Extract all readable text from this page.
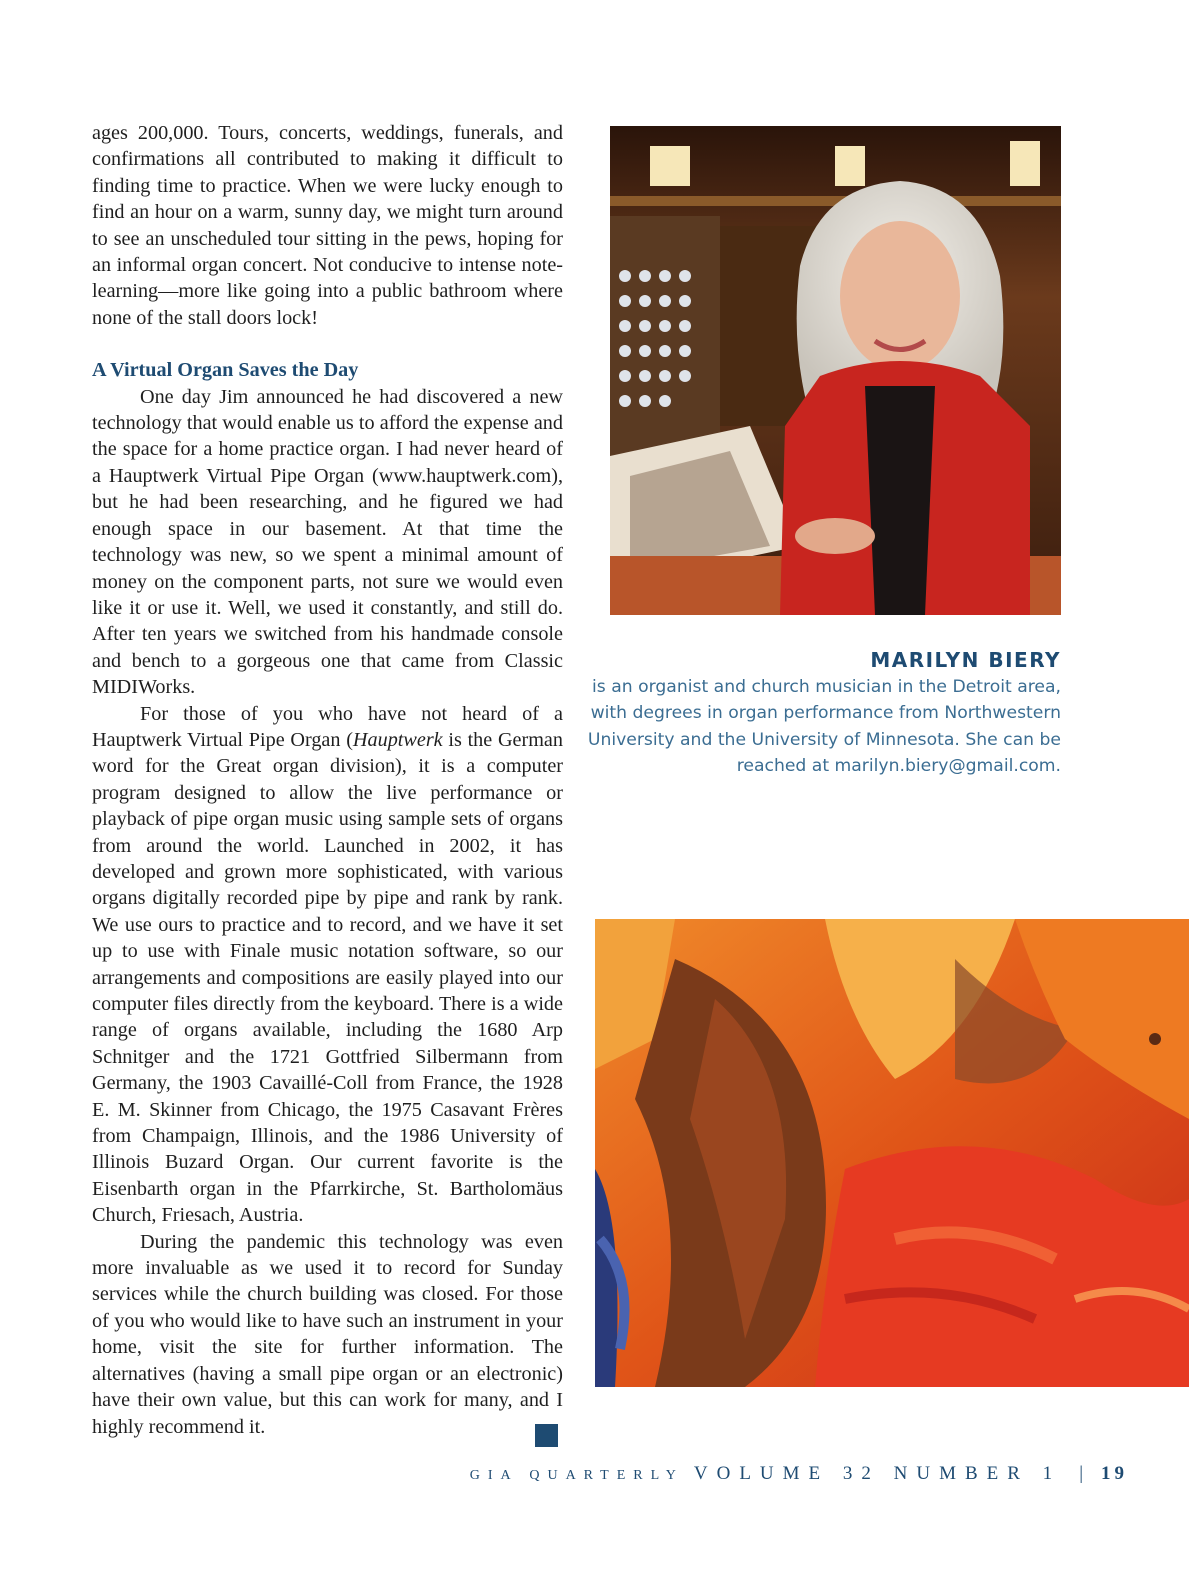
ages 200,000. Tours, concerts, weddings, funerals, and confirmations all contributed to making it difficult to finding time to practice. When we were lucky enough to find an hour on a warm, sunny day, we might turn around to see an unscheduled tour sitting in the pews, hoping for an informal organ concert. Not conducive to intense note-learning—more like going into a public bathroom where none of the stall doors lock!

A Virtual Organ Saves the Day

One day Jim announced he had discovered a new technology that would enable us to afford the expense and the space for a home practice organ. I had never heard of a Hauptwerk Virtual Pipe Organ (www.hauptwerk.com), but he had been researching, and he figured we had enough space in our basement. At that time the technology was new, so we spent a minimal amount of money on the component parts, not sure we would even like it or use it. Well, we used it constantly, and still do. After ten years we switched from his handmade console and bench to a gorgeous one that came from Classic MIDIWorks.

For those of you who have not heard of a Hauptwerk Virtual Pipe Organ (Hauptwerk is the German word for the Great organ division), it is a computer program designed to allow the live performance or playback of pipe organ music using sample sets of organs from around the world. Launched in 2002, it has developed and grown more sophisticated, with various organs digitally recorded pipe by pipe and rank by rank. We use ours to practice and to record, and we have it set up to use with Finale music notation software, so our arrangements and compositions are easily played into our computer files directly from the keyboard. There is a wide range of organs available, including the 1680 Arp Schnitger and the 1721 Gottfried Silbermann from Germany, the 1903 Cavaillé-Coll from France, the 1928 E. M. Skinner from Chicago, the 1975 Casavant Frères from Champaign, Illinois, and the 1986 University of Illinois Buzard Organ. Our current favorite is the Eisenbarth organ in the Pfarrkirche, St. Bartholomäus Church, Friesach, Austria.

During the pandemic this technology was even more invaluable as we used it to record for Sunday services while the church building was closed. For those of you who would like to have such an instrument in your home, visit the site for further information. The alternatives (having a small pipe organ or an electronic) have their own value, but this can work for many, and I highly recommend it.

MARILYN BIERY
is an organist and church musician in the Detroit area, with degrees in organ performance from Northwestern University and the University of Minnesota. She can be reached at marilyn.biery@gmail.com.
GIA QUARTERLY VOLUME 32 NUMBER 1 | 19
